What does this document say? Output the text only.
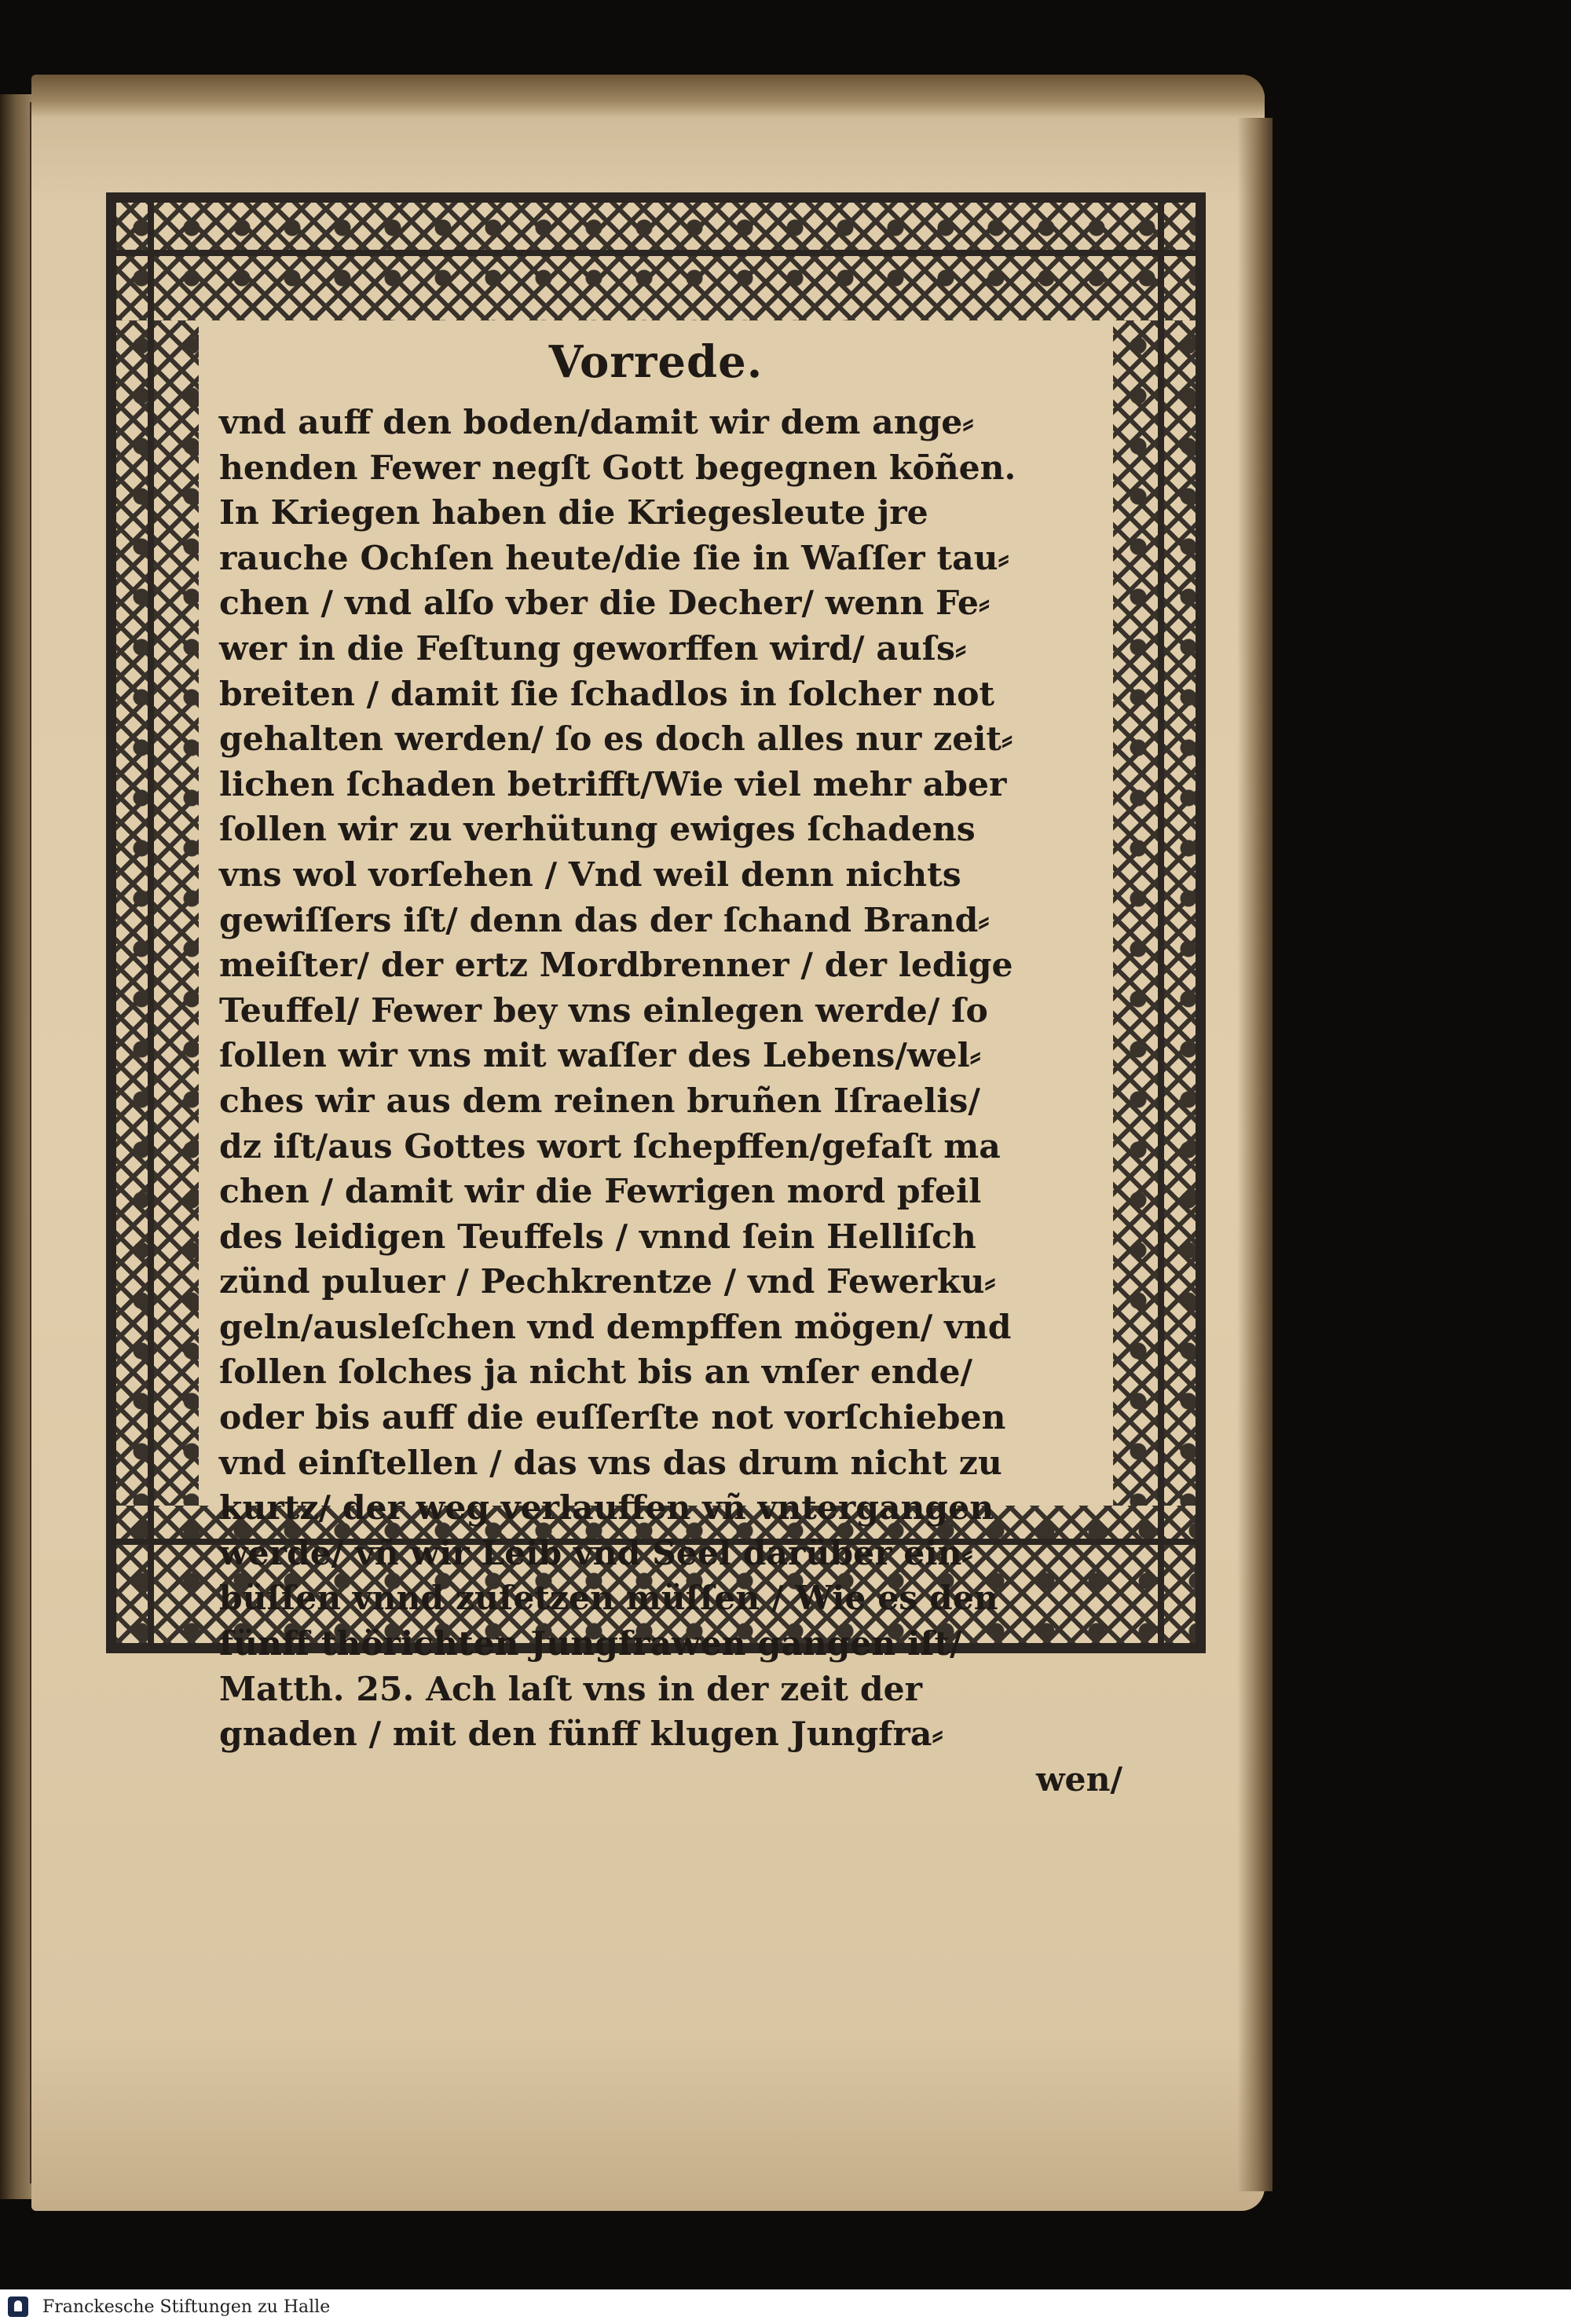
Vorrede.
vnd auff den boden/damit wir dem ange⸗
henden Fewer negſt Gott begegnen kōñen.
In Kriegen haben die Kriegesleute jre
rauche Ochſen heute/die ſie in Waſſer tau⸗
chen / vnd alſo vber die Decher/ wenn Fe⸗
wer in die Feſtung geworffen wird/ auſs⸗
breiten / damit ſie ſchadlos in ſolcher not
gehalten werden/ ſo es doch alles nur zeit⸗
lichen ſchaden betrifft/Wie viel mehr aber
ſollen wir zu verhütung ewiges ſchadens
vns wol vorſehen / Vnd weil denn nichts
gewiſſers iſt/ denn das der ſchand Brand⸗
meiſter/ der ertz Mordbrenner / der ledige
Teuffel/ Fewer bey vns einlegen werde/ ſo
ſollen wir vns mit waſſer des Lebens/wel⸗
ches wir aus dem reinen bruñen Iſraelis/
dz iſt/aus Gottes wort ſchepffen/gefaſt ma
chen / damit wir die Fewrigen mord pfeil
des leidigen Teuffels / vnnd ſein Helliſch
zünd puluer / Pechkrentze / vnd Fewerku⸗
geln/ausleſchen vnd dempffen mögen/ vnd
ſollen ſolches ja nicht bis an vnſer ende/
oder bis auff die euſſerſte not vorſchieben
vnd einſtellen / das vns das drum nicht zu
kurtz/ der weg verlauffen vñ vntergangen
werde/ vñ wir Leib vnd Seel darüber ein⸗
büſſen vnnd zuſetzen müſſen / Wie es den
fünff thörichten Jungfrawen gangen iſt/
Matth. 25. Ach laſt vns in der zeit der
gnaden / mit den fünff klugen Jungfra⸗
wen/
Franckesche Stiftungen zu Halle
